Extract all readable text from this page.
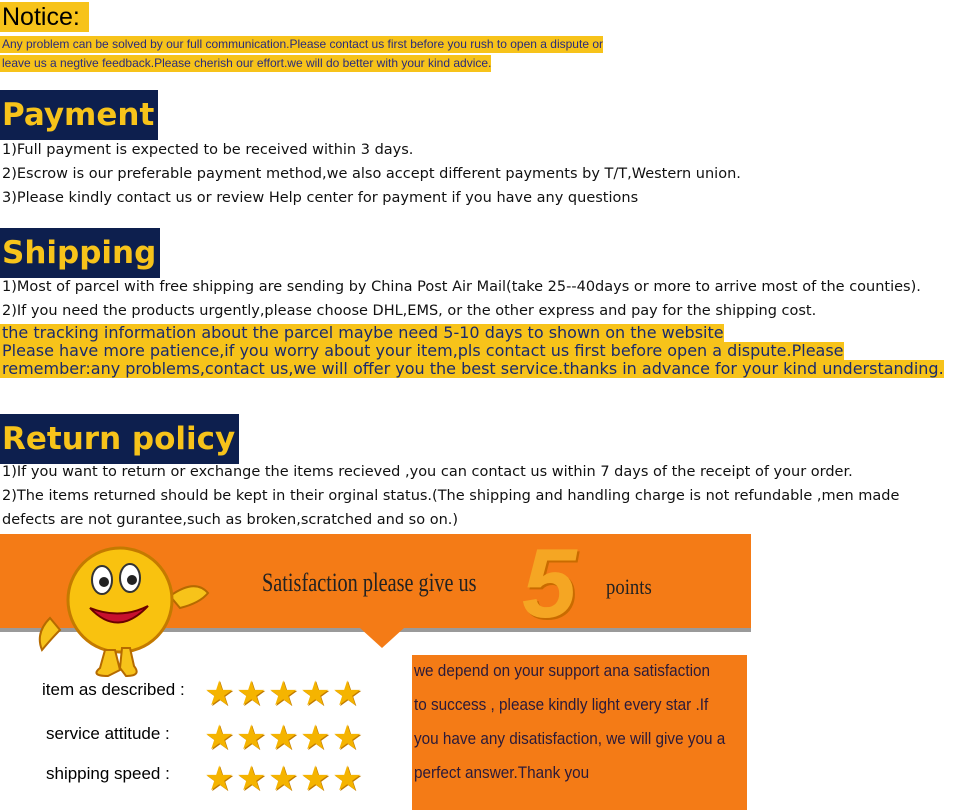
Notice:
Any problem can be solved by our full communication.Please contact us first before you rush to open a dispute or
leave us a negtive feedback.Please cherish our effort.we will do better with your kind advice.
Payment
1)Full payment is expected to be received within 3 days.
2)Escrow is our preferable payment method,we also accept different payments by T/T,Western union.
3)Please kindly contact us or review Help center for payment if you have any questions
Shipping
1)Most of parcel with free shipping are sending by China Post Air Mail(take 25--40days or more to arrive most of the counties).
2)If you need the products urgently,please choose DHL,EMS, or the other express and pay for the shipping cost.
the tracking information about the parcel maybe need 5-10 days to shown on the website
Please have more patience,if you worry about your item,pls contact us first before open a dispute.Please
remember:any problems,contact us,we will offer you the best service.thanks in advance for your kind understanding.
Return policy
1)If you want to return or exchange the items recieved ,you can contact us within 7 days of the receipt of your order.
2)The items returned should be kept in their orginal status.(The shipping and handling charge is not refundable ,men made
defects are not gurantee,such as broken,scratched and so on.)
Satisfaction please give us 5 points
item as described : ★ ★ ★ ★ ★
service attitude : ★ ★ ★ ★ ★
shipping speed : ★ ★ ★ ★ ★
we depend on your support ana satisfaction
to success , please kindly light every star .If
you have any disatisfaction, we will give you a
perfect answer.Thank you
